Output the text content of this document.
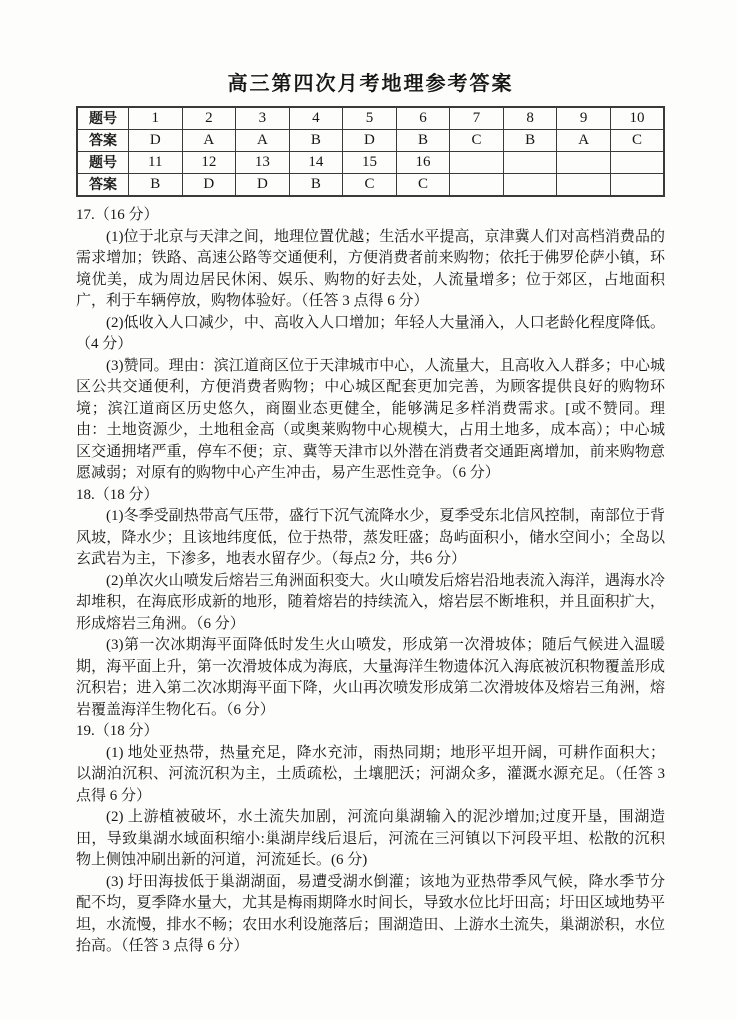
高三第四次月考地理参考答案
题号	1	2	3	4	5	6	7	8	9	10
答案	D	A	A	B	D	B	C	B	A	C
题号	11	12	13	14	15	16				
答案	B	D	D	B	C	C				

17.（16 分）

(1)位于北京与天津之间，地理位置优越；生活水平提高，京津冀人们对高档消费品的需求增加；铁路、高速公路等交通便利，方便消费者前来购物；依托于佛罗伦萨小镇，环境优美，成为周边居民休闲、娱乐、购物的好去处，人流量增多；位于郊区，占地面积广，利于车辆停放，购物体验好。（任答 3 点得 6 分）

(2)低收入人口减少，中、高收入人口增加；年轻人大量涌入，人口老龄化程度降低。（4 分）

(3)赞同。理由：滨江道商区位于天津城市中心，人流量大，且高收入人群多；中心城区公共交通便利，方便消费者购物；中心城区配套更加完善，为顾客提供良好的购物环境；滨江道商区历史悠久，商圈业态更健全，能够满足多样消费需求。[或不赞同。理由：土地资源少，土地租金高（或奥莱购物中心规模大，占用土地多，成本高）；中心城区交通拥堵严重，停车不便；京、冀等天津市以外潜在消费者交通距离增加，前来购物意愿减弱；对原有的购物中心产生冲击，易产生恶性竞争。（6 分）

18.（18 分）

(1)冬季受副热带高气压带，盛行下沉气流降水少，夏季受东北信风控制，南部位于背风坡，降水少；且该地纬度低，位于热带，蒸发旺盛；岛屿面积小，储水空间小；全岛以玄武岩为主，下渗多，地表水留存少。（每点2 分，共6 分）

(2)单次火山喷发后熔岩三角洲面积变大。火山喷发后熔岩沿地表流入海洋，遇海水冷却堆积，在海底形成新的地形，随着熔岩的持续流入，熔岩层不断堆积，并且面积扩大，形成熔岩三角洲。（6 分）

(3)第一次冰期海平面降低时发生火山喷发，形成第一次滑坡体；随后气候进入温暖期，海平面上升，第一次滑坡体成为海底，大量海洋生物遗体沉入海底被沉积物覆盖形成沉积岩；进入第二次冰期海平面下降，火山再次喷发形成第二次滑坡体及熔岩三角洲，熔岩覆盖海洋生物化石。（6 分）

19.（18 分）

(1) 地处亚热带，热量充足，降水充沛，雨热同期；地形平坦开阔，可耕作面积大；以湖泊沉积、河流沉积为主，土质疏松，土壤肥沃；河湖众多，灌溉水源充足。（任答 3 点得 6 分）

(2) 上游植被破坏，水土流失加剧，河流向巢湖输入的泥沙增加;过度开垦，围湖造田，导致巢湖水域面积缩小:巢湖岸线后退后，河流在三河镇以下河段平坦、松散的沉积物上侧蚀冲刷出新的河道，河流延长。(6 分)

(3) 圩田海拔低于巢湖湖面，易遭受湖水倒灌；该地为亚热带季风气候，降水季节分配不均，夏季降水量大，尤其是梅雨期降水时间长，导致水位比圩田高；圩田区域地势平坦，水流慢，排水不畅；农田水利设施落后；围湖造田、上游水土流失，巢湖淤积，水位抬高。（任答 3 点得 6 分）
